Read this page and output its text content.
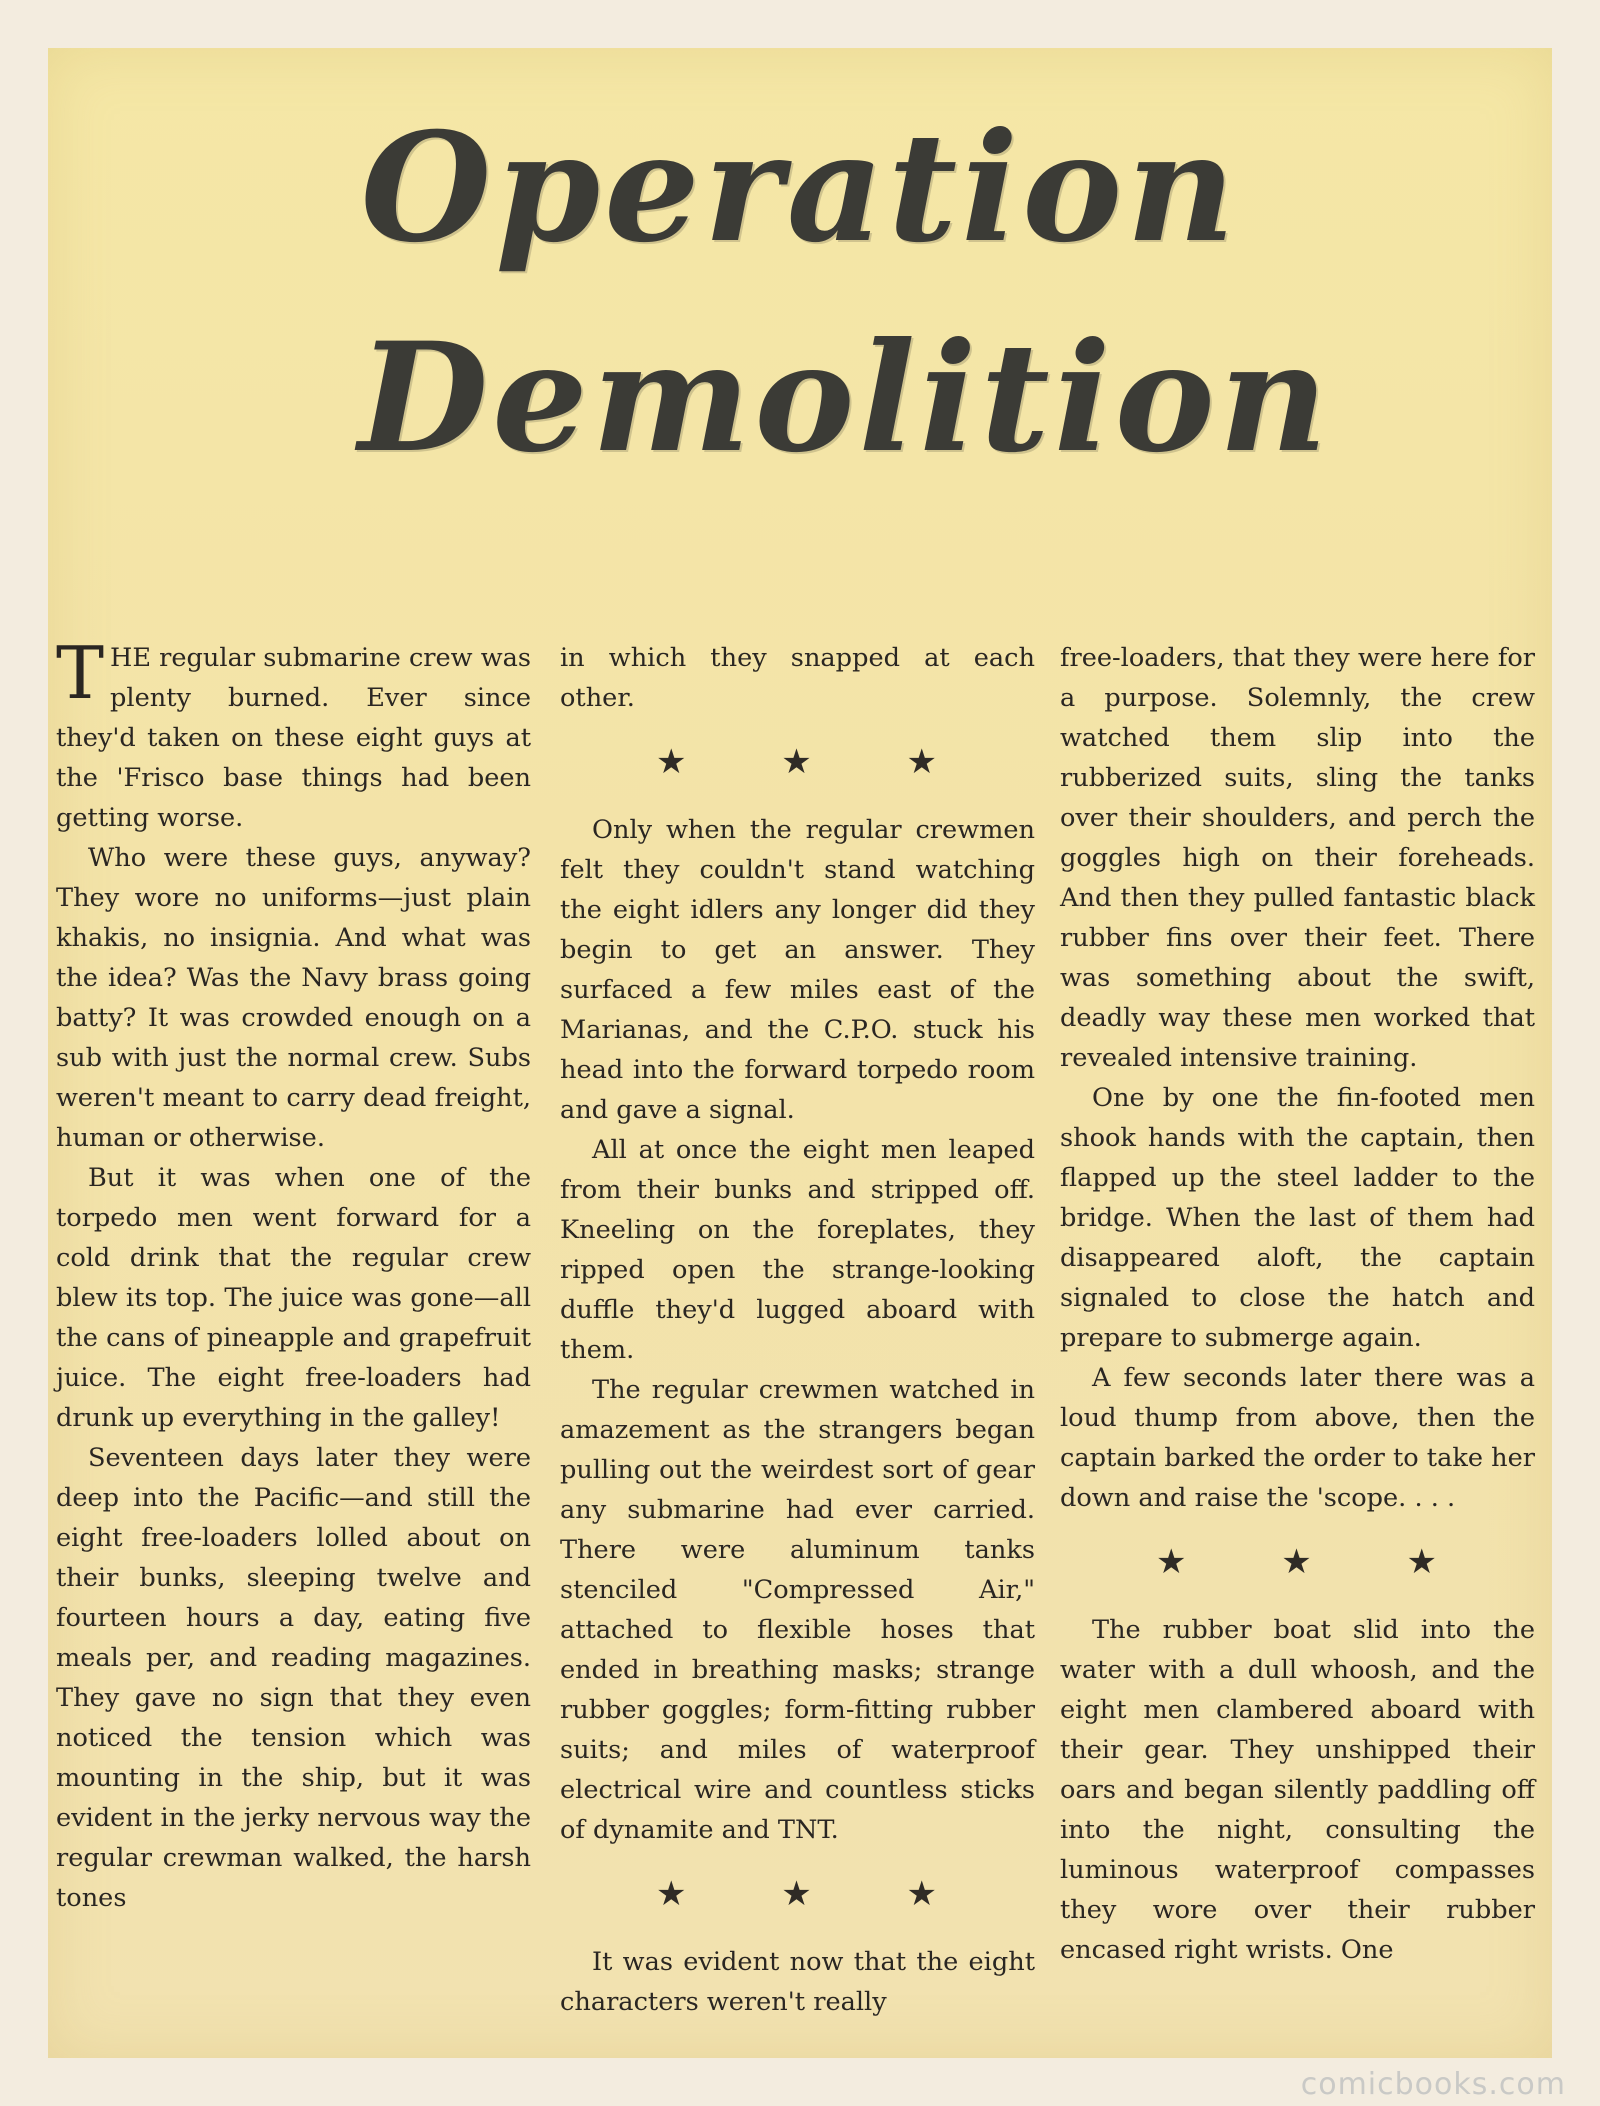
Operation
Demolition

THE regular submarine crew was plenty burned. Ever since they'd taken on these eight guys at the 'Frisco base things had been getting worse.

Who were these guys, anyway? They wore no uniforms—just plain khakis, no insignia. And what was the idea? Was the Navy brass going batty? It was crowded enough on a sub with just the normal crew. Subs weren't meant to carry dead freight, human or otherwise.

But it was when one of the torpedo men went forward for a cold drink that the regular crew blew its top. The juice was gone—all the cans of pineapple and grapefruit juice. The eight free-loaders had drunk up everything in the galley!

Seventeen days later they were deep into the Pacific—and still the eight free-loaders lolled about on their bunks, sleeping twelve and fourteen hours a day, eating five meals per, and reading magazines. They gave no sign that they even noticed the tension which was mounting in the ship, but it was evident in the jerky nervous way the regular crewman walked, the harsh tones

in which they snapped at each other.

★ ★ ★

Only when the regular crewmen felt they couldn't stand watching the eight idlers any longer did they begin to get an answer. They surfaced a few miles east of the Marianas, and the C.P.O. stuck his head into the forward torpedo room and gave a signal.

All at once the eight men leaped from their bunks and stripped off. Kneeling on the foreplates, they ripped open the strange-looking duffle they'd lugged aboard with them.

The regular crewmen watched in amazement as the strangers began pulling out the weirdest sort of gear any submarine had ever carried. There were aluminum tanks stenciled "Compressed Air," attached to flexible hoses that ended in breathing masks; strange rubber goggles; form-fitting rubber suits; and miles of waterproof electrical wire and countless sticks of dynamite and TNT.

★ ★ ★

It was evident now that the eight characters weren't really

free-loaders, that they were here for a purpose. Solemnly, the crew watched them slip into the rubberized suits, sling the tanks over their shoulders, and perch the goggles high on their foreheads. And then they pulled fantastic black rubber fins over their feet. There was something about the swift, deadly way these men worked that revealed intensive training.

One by one the fin-footed men shook hands with the captain, then flapped up the steel ladder to the bridge. When the last of them had disappeared aloft, the captain signaled to close the hatch and prepare to submerge again.

A few seconds later there was a loud thump from above, then the captain barked the order to take her down and raise the 'scope. . . .

★ ★ ★

The rubber boat slid into the water with a dull whoosh, and the eight men clambered aboard with their gear. They unshipped their oars and began silently paddling off into the night, consulting the luminous waterproof compasses they wore over their rubber encased right wrists. One

comicbooks.com
